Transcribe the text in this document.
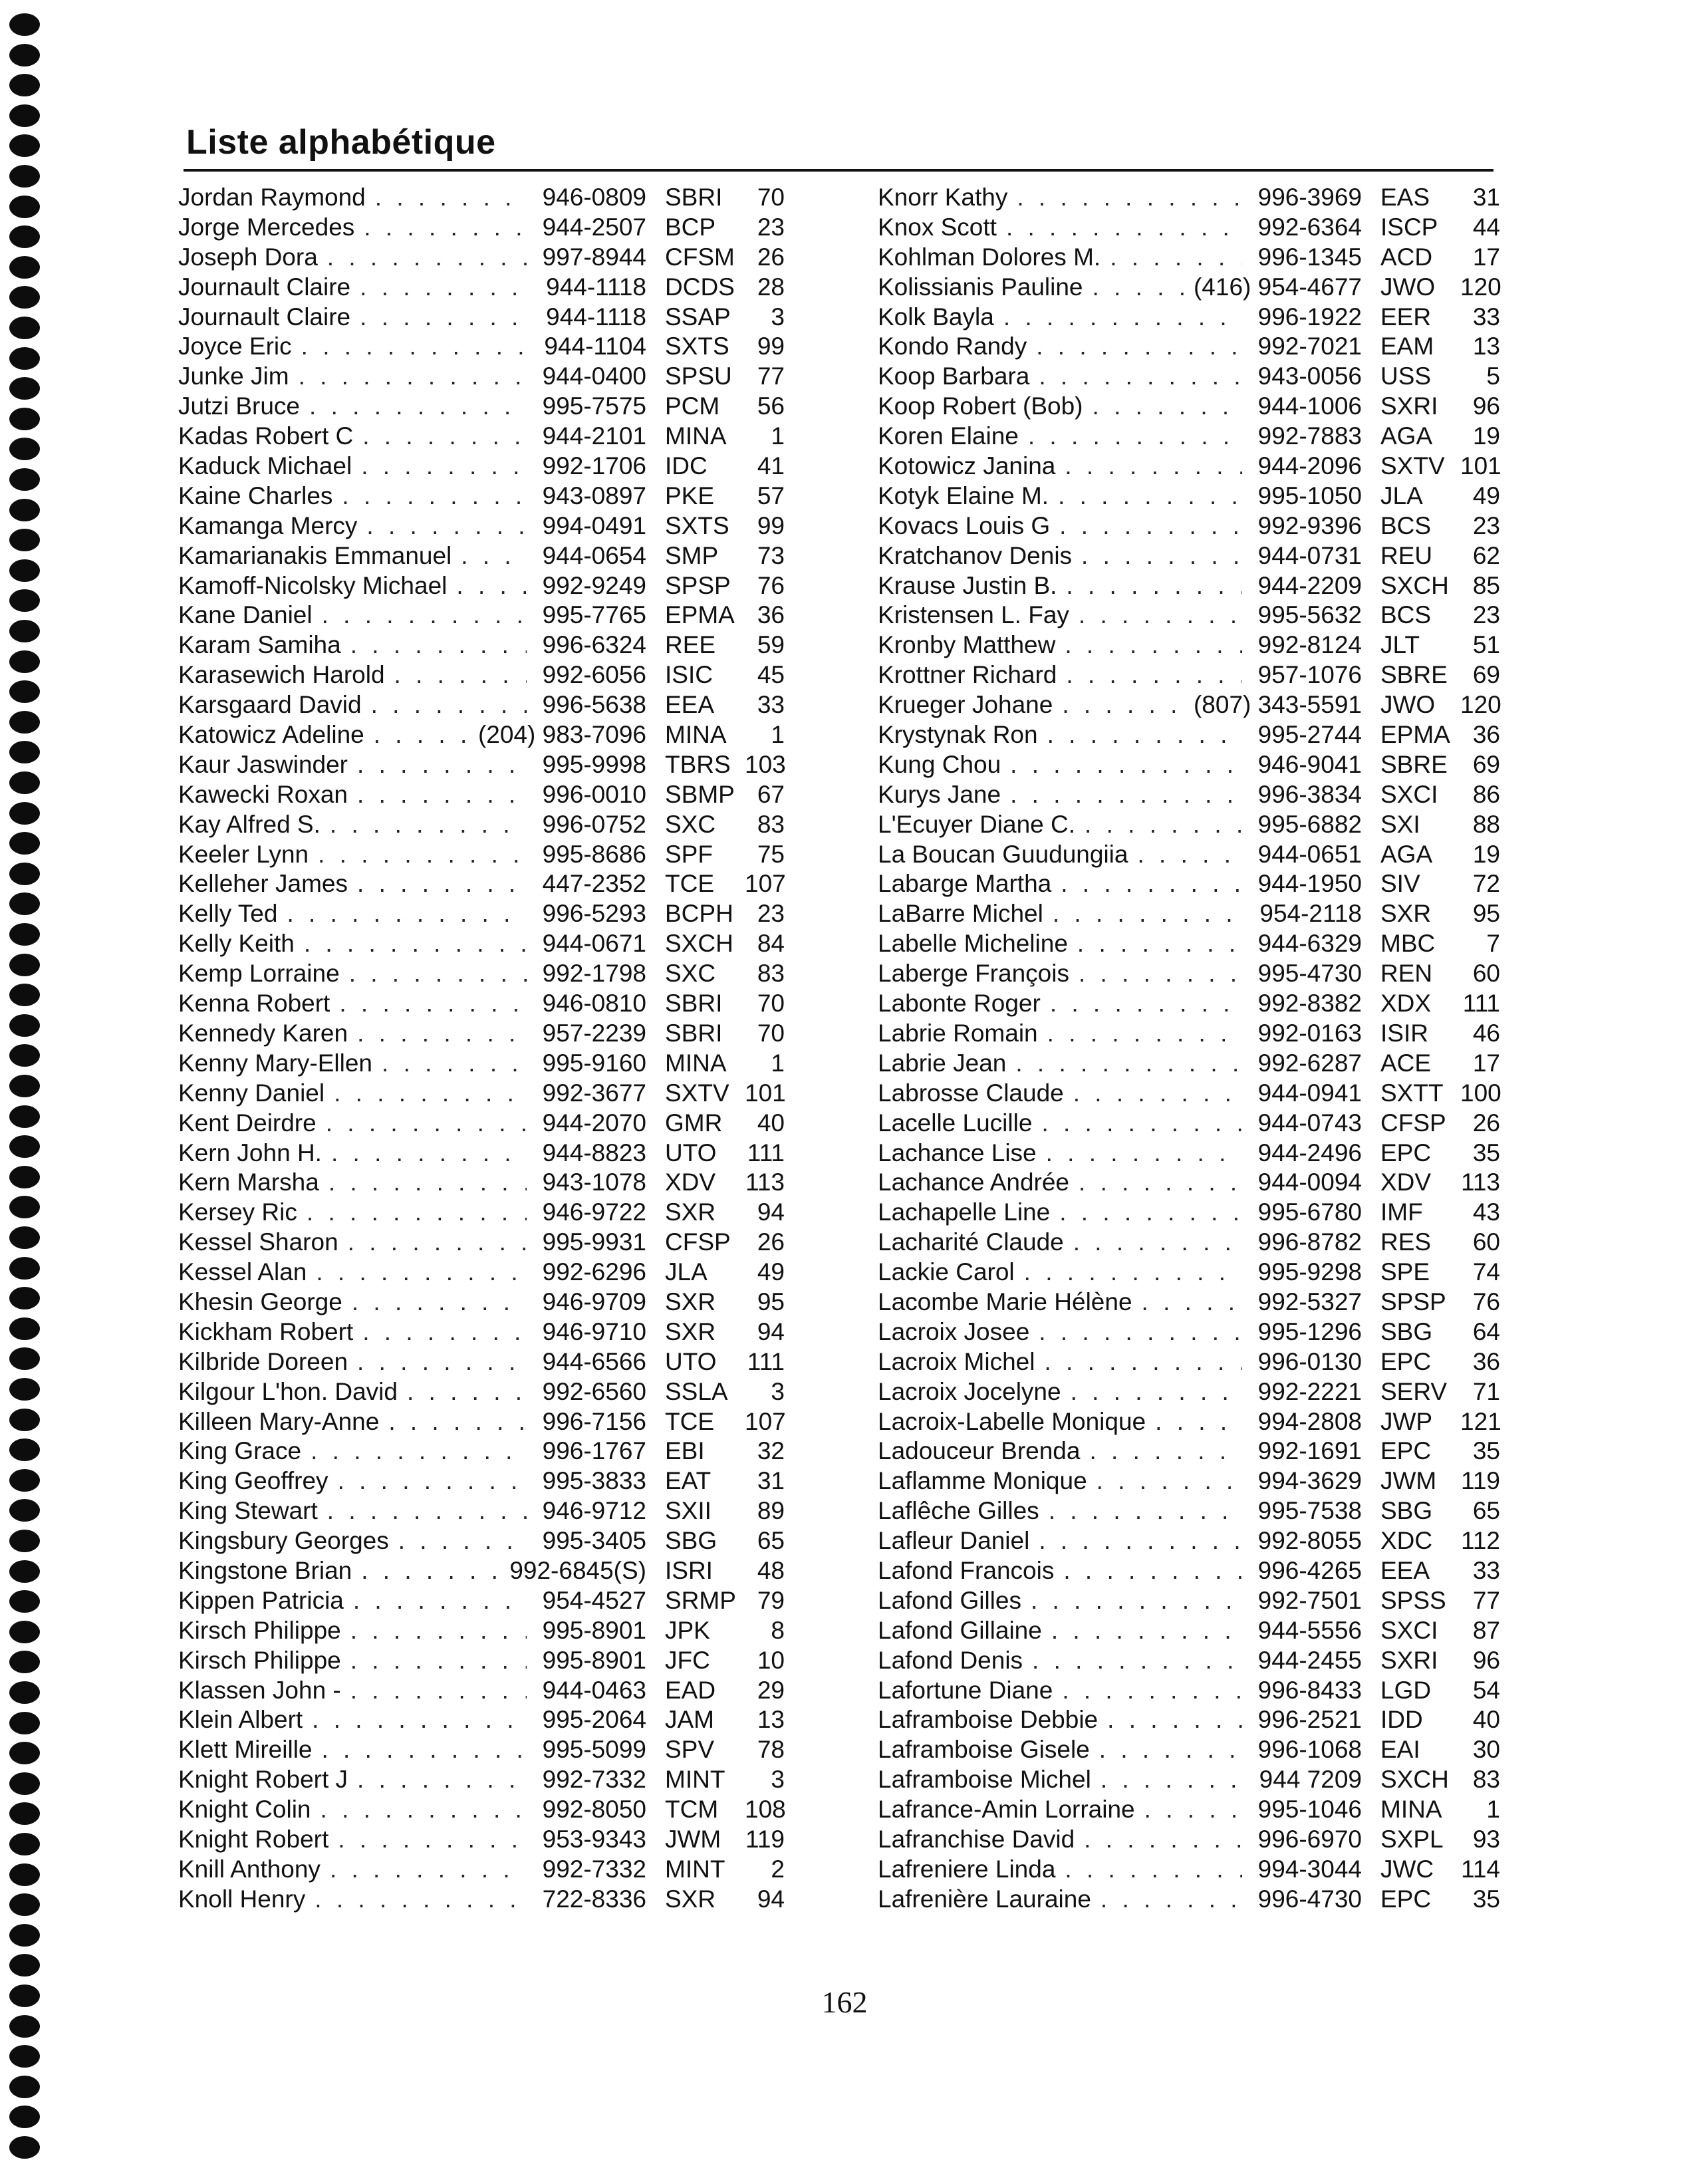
Liste alphabétique
Jordan Raymond . . .	946-0809 SBRI	70
Jorge Mercedes . . .	944-2507 BCP	23
Joseph Dora . . .	997-8944 CFSM 26
Journault Claire . . .	944-1118 DCDS 28
Journault Claire . . .	944-1118 SSAP	3
Joyce Eric . . .	944-1104 SXTS	99
Junke Jim . . .	944-0400 SPSU	77
Jutzi Bruce . . .	995-7575 PCM	56
Kadas Robert C . . .	944-2101 MINA	1
Kaduck Michael . . .	992-1706 IDC	41
Kaine Charles . . .	943-0897 PKE	57
Kamanga Mercy . . .	994-0491 SXTS	99
Kamarianakis Emmanuel . . .	944-0654 SMP	73
Kamoff-Nicolsky Michael . . .	992-9249 SPSP	76
Kane Daniel . . .	995-7765 EPMA 36
Karam Samiha . . .	996-6324 REE	59
Karasewich Harold . . .	992-6056 ISIC	45
Karsgaard David . . .	996-5638 EEA	33
Katowicz Adeline . . .	(204) 983-7096 MINA	1
Kaur Jaswinder . . .	995-9998 TBRS 103
Kawecki Roxan . . .	996-0010 SBMP 67
Kay Alfred S. . . .	996-0752 SXC	83
Keeler Lynn . . .	995-8686 SPF	75
Kelleher James . . .	447-2352 TCE	107
Kelly Ted . . .	996-5293 BCPH 23
Kelly Keith . . .	944-0671 SXCH 84
Kemp Lorraine . . .	992-1798 SXC	83
Kenna Robert . . .	946-0810 SBRI	70
Kennedy Karen . . .	957-2239 SBRI	70
Kenny Mary-Ellen . . .	995-9160 MINA	1
Kenny Daniel . . .	992-3677 SXTV 101
Kent Deirdre . . .	944-2070 GMR	40
Kern John H. . . .	944-8823 UTO	111
Kern Marsha . . .	943-1078 XDV	113
Kersey Ric . . .	946-9722 SXR	94
Kessel Sharon . . .	995-9931 CFSP	26
Kessel Alan . . .	992-6296 JLA	49
Khesin George . . .	946-9709 SXR	95
Kickham Robert . . .	946-9710 SXR	94
Kilbride Doreen . . .	944-6566 UTO	111
Kilgour L'hon. David . . .	992-6560 SSLA	3
Killeen Mary-Anne . . .	996-7156 TCE	107
King Grace . . .	996-1767 EBI	32
King Geoffrey . . .	995-3833 EAT	31
King Stewart . . .	946-9712 SXII	89
Kingsbury Georges . . .	995-3405 SBG	65
Kingstone Brian . . .	992-6845(S) ISRI	48
Kippen Patricia . . .	954-4527 SRMP 79
Kirsch Philippe . . .	995-8901 JPK	8
Kirsch Philippe . . .	995-8901 JFC	10
Klassen John - . . .	944-0463 EAD	29
Klein Albert . . .	995-2064 JAM	13
Klett Mireille . . .	995-5099 SPV	78
Knight Robert J . . .	992-7332 MINT	3
Knight Colin . . .	992-8050 TCM	108
Knight Robert . . .	953-9343 JWM 119
Knill Anthony . . .	992-7332 MINT	2
Knoll Henry . . .	722-8336 SXR	94
Knorr Kathy . . .	996-3969 EAS	31
Knox Scott . . .	992-6364 ISCP	44
Kohlman Dolores M. . . .	996-1345 ACD	17
Kolissianis Pauline . . .	(416) 954-4677 JWO	120
Kolk Bayla . . .	996-1922 EER	33
Kondo Randy . . .	992-7021 EAM	13
Koop Barbara . . .	943-0056 USS	5
Koop Robert (Bob) . . .	944-1006 SXRI	96
Koren Elaine . . .	992-7883 AGA	19
Kotowicz Janina . . .	944-2096 SXTV 101
Kotyk Elaine M. . . .	995-1050 JLA	49
Kovacs Louis G . . .	992-9396 BCS	23
Kratchanov Denis . . .	944-0731 REU	62
Krause Justin B. . . .	944-2209 SXCH 85
Kristensen L. Fay . . .	995-5632 BCS	23
Kronby Matthew . . .	992-8124 JLT	51
Krottner Richard . . .	957-1076 SBRE	69
Krueger Johane . . .	(807) 343-5591 JWO	120
Krystynak Ron . . .	995-2744 EPMA 36
Kung Chou . . .	946-9041 SBRE	69
Kurys Jane . . .	996-3834 SXCI	86
L'Ecuyer Diane C. . . .	995-6882 SXI	88
La Boucan Guudungiia . . .	944-0651 AGA	19
Labarge Martha . . .	944-1950 SIV	72
LaBarre Michel . . .	954-2118 SXR	95
Labelle Micheline . . .	944-6329 MBC	7
Laberge François . . .	995-4730 REN	60
Labonte Roger . . .	992-8382 XDX	111
Labrie Romain . . .	992-0163 ISIR	46
Labrie Jean . . .	992-6287 ACE	17
Labrosse Claude . . .	944-0941 SXTT 100
Lacelle Lucille . . .	944-0743 CFSP	26
Lachance Lise . . .	944-2496 EPC	35
Lachance Andrée . . .	944-0094 XDV	113
Lachapelle Line . . .	995-6780 IMF	43
Lacharité Claude . . .	996-8782 RES	60
Lackie Carol . . .	995-9298 SPE	74
Lacombe Marie Hélène . . .	992-5327 SPSP	76
Lacroix Josee . . .	995-1296 SBG	64
Lacroix Michel . . .	996-0130 EPC	36
Lacroix Jocelyne . . .	992-2221 SERV	71
Lacroix-Labelle Monique . . .	994-2808 JWP	121
Ladouceur Brenda . . .	992-1691 EPC	35
Laflamme Monique . . .	994-3629 JWM 119
Laflêche Gilles . . .	995-7538 SBG	65
Lafleur Daniel . . .	992-8055 XDC	112
Lafond Francois . . .	996-4265 EEA	33
Lafond Gilles . . .	992-7501 SPSS	77
Lafond Gillaine . . .	944-5556 SXCI	87
Lafond Denis . . .	944-2455 SXRI	96
Lafortune Diane . . .	996-8433 LGD	54
Laframboise Debbie . . .	996-2521 IDD	40
Laframboise Gisele . . .	996-1068 EAI	30
Laframboise Michel . . .	944 7209 SXCH 83
Lafrance-Amin Lorraine . . .	995-1046 MINA	1
Lafranchise David . . .	996-6970 SXPL	93
Lafreniere Linda . . .	994-3044 JWC	114
Lafrenière Lauraine . . .	996-4730 EPC	35
162
